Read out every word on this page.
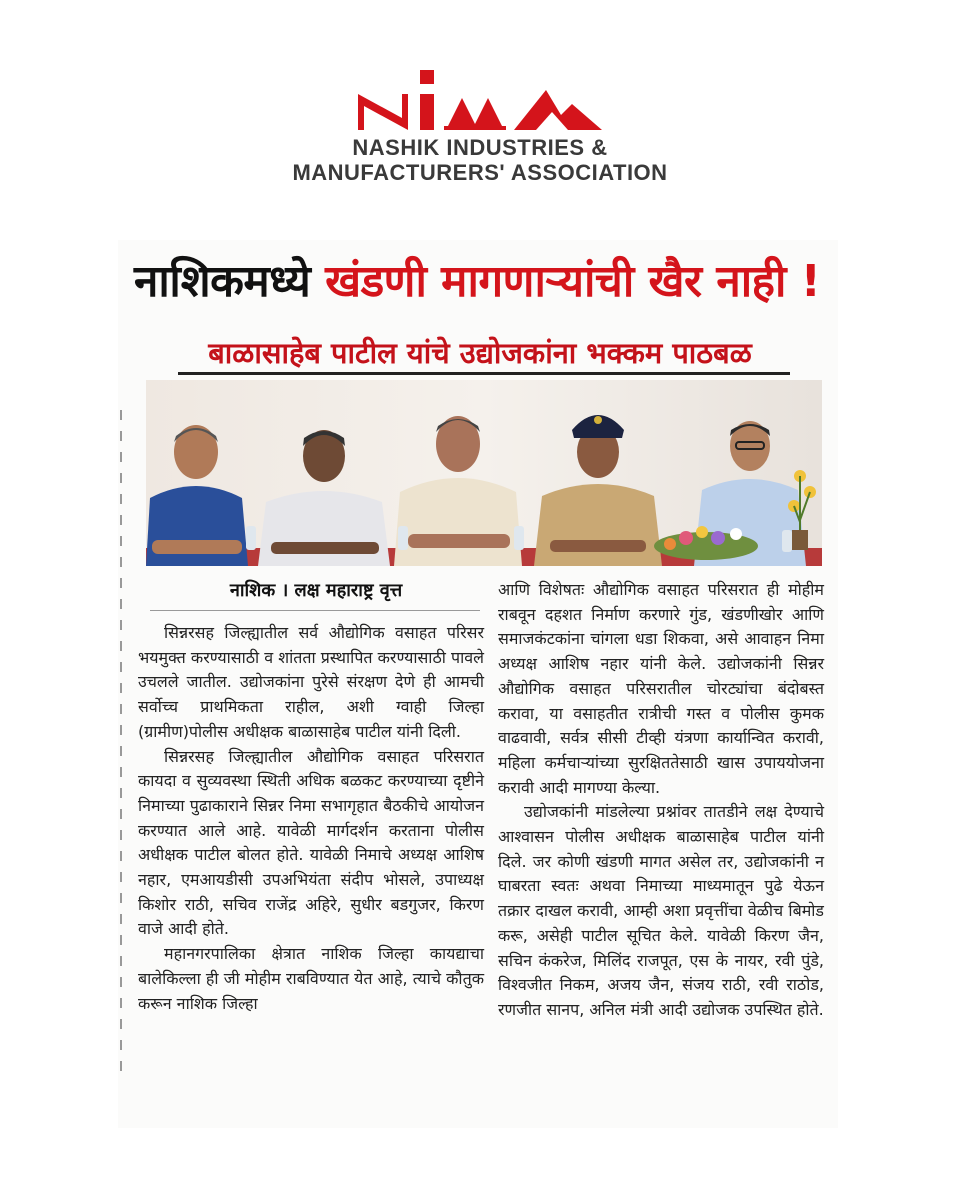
NASHIK INDUSTRIES &
MANUFACTURERS' ASSOCIATION
नाशिकमध्ये खंडणी मागणाऱ्यांची खैर नाही !
बाळासाहेब पाटील यांचे उद्योजकांना भक्कम पाठबळ
नाशिक । लक्ष महाराष्ट्र वृत्त

सिन्नरसह जिल्ह्यातील सर्व औद्योगिक वसाहत परिसर भयमुक्त करण्यासाठी व शांतता प्रस्थापित करण्यासाठी पावले उचलले जातील. उद्योजकांना पुरेसे संरक्षण देणे ही आमची सर्वोच्च प्राथमिकता राहील, अशी ग्वाही जिल्हा (ग्रामीण)पोलीस अधीक्षक बाळासाहेब पाटील यांनी दिली.

सिन्नरसह जिल्ह्यातील औद्योगिक वसाहत परिसरात कायदा व सुव्यवस्था स्थिती अधिक बळकट करण्याच्या दृष्टीने निमाच्या पुढाकाराने सिन्नर निमा सभागृहात बैठकीचे आयोजन करण्यात आले आहे. यावेळी मार्गदर्शन करताना पोलीस अधीक्षक पाटील बोलत होते. यावेळी निमाचे अध्यक्ष आशिष नहार, एमआयडीसी उपअभियंता संदीप भोसले, उपाध्यक्ष किशोर राठी, सचिव राजेंद्र अहिरे, सुधीर बडगुजर, किरण वाजे आदी होते.

महानगरपालिका क्षेत्रात नाशिक जिल्हा कायद्याचा बालेकिल्ला ही जी मोहीम राबविण्यात येत आहे, त्याचे कौतुक करून नाशिक जिल्हा

आणि विशेषतः औद्योगिक वसाहत परिसरात ही मोहीम राबवून दहशत निर्माण करणारे गुंड, खंडणीखोर आणि समाजकंटकांना चांगला धडा शिकवा, असे आवाहन निमा अध्यक्ष आशिष नहार यांनी केले. उद्योजकांनी सिन्नर औद्योगिक वसाहत परिसरातील चोरट्यांचा बंदोबस्त करावा, या वसाहतीत रात्रीची गस्त व पोलीस कुमक वाढवावी, सर्वत्र सीसी टीव्ही यंत्रणा कार्यान्वित करावी, महिला कर्मचाऱ्यांच्या सुरक्षिततेसाठी खास उपाययोजना करावी आदी मागण्या केल्या.

उद्योजकांनी मांडलेल्या प्रश्नांवर तातडीने लक्ष देण्याचे आश्वासन पोलीस अधीक्षक बाळासाहेब पाटील यांनी दिले. जर कोणी खंडणी मागत असेल तर, उद्योजकांनी न घाबरता स्वतः अथवा निमाच्या माध्यमातून पुढे येऊन तक्रार दाखल करावी, आम्ही अशा प्रवृत्तींचा वेळीच बिमोड करू, असेही पाटील सूचित केले. यावेळी किरण जैन, सचिन कंकरेज, मिलिंद राजपूत, एस के नायर, रवी पुंडे, विश्वजीत निकम, अजय जैन, संजय राठी, रवी राठोड, रणजीत सानप, अनिल मंत्री आदी उद्योजक उपस्थित होते.
